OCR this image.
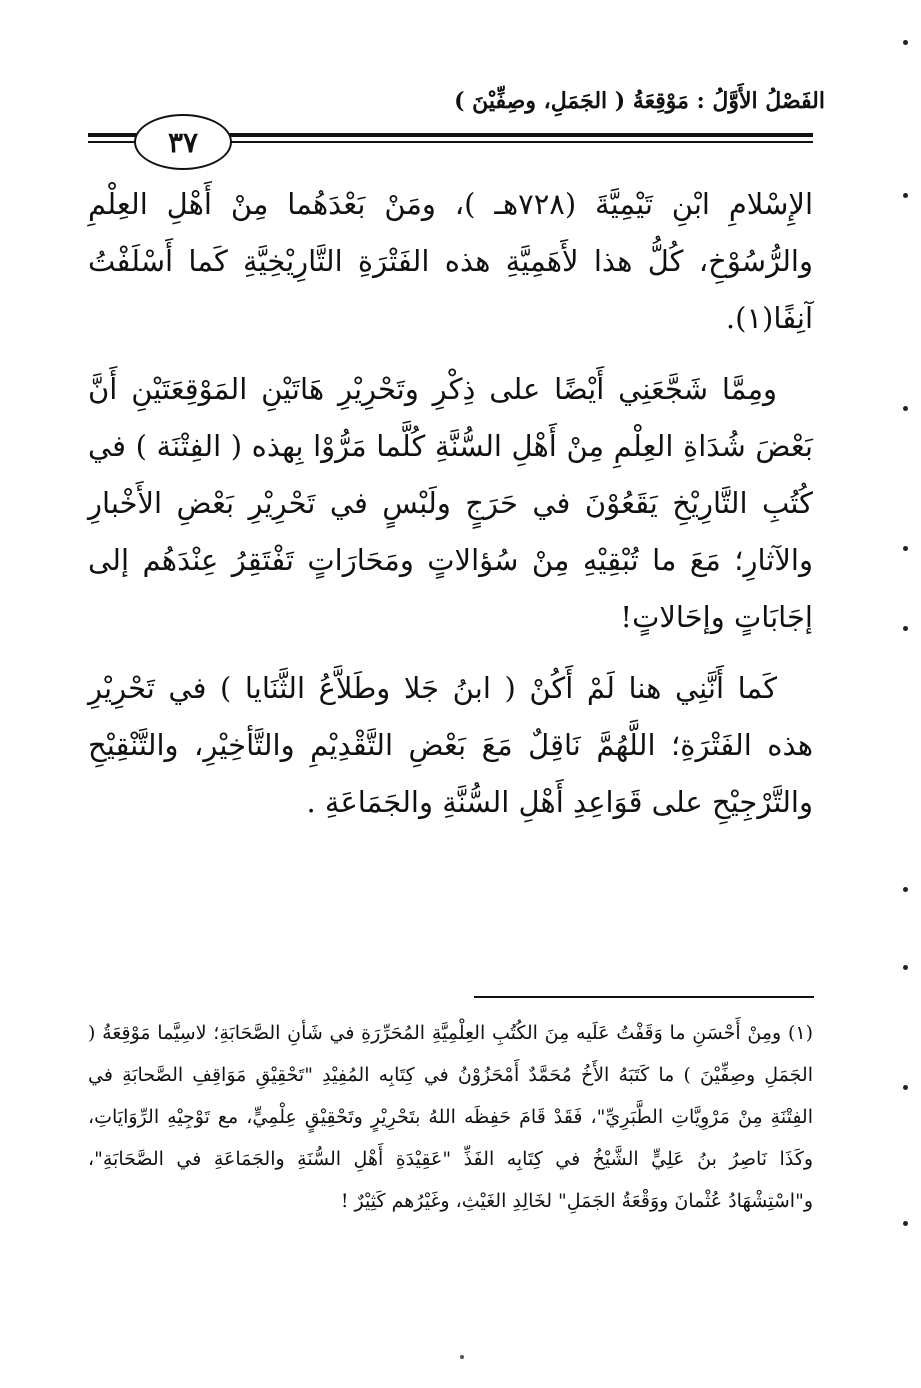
الفَصْلُ الأَوَّلُ : مَوْقِعَةُ ( الجَمَلِ، وصِفِّيْنَ )
٣٧

الإِسْلامِ ابْنِ تَيْمِيَّةَ (٧٢٨هـ )، ومَنْ بَعْدَهُما مِنْ أَهْلِ العِلْمِ والرُّسُوْخِ، كُلُّ هذا لأَهَمِيَّةِ هذه الفَتْرَةِ التَّارِيْخِيَّةِ كَما أَسْلَفْتُ آنِفًا(١).

ومِمَّا شَجَّعَنِي أَيْضًا على ذِكْرِ وتَحْرِيْرِ هَاتَيْنِ المَوْقِعَتَيْنِ أَنَّ بَعْضَ شُدَاةِ العِلْمِ مِنْ أَهْلِ السُّنَّةِ كُلَّما مَرُّوْا بِهذه ( الفِتْنَة ) في كُتُبِ التَّارِيْخِ يَقَعُوْنَ في حَرَجٍ ولَبْسٍ في تَحْرِيْرِ بَعْضِ الأَخْبارِ والآثارِ؛ مَعَ ما تُبْقِيْهِ مِنْ سُؤالاتٍ ومَحَارَاتٍ تَفْتَقِرُ عِنْدَهُم إلى إجَابَاتٍ وإحَالاتٍ!

كَما أَنَّنِي هنا لَمْ أَكُنْ ( ابنُ جَلا وطَلاَّعُ الثَّنَايا ) في تَحْرِيْرِ هذه الفَتْرَةِ؛ اللَّهُمَّ نَاقِلٌ مَعَ بَعْضِ التَّقْدِيْمِ والتَّأخِيْرِ، والتَّنْقِيْحِ والتَّرْجِيْحِ على قَوَاعِدِ أَهْلِ السُّنَّةِ والجَمَاعَةِ .

(١) ومِنْ أَحْسَنِ ما وَقَفْتُ عَلَيه مِنَ الكُتُبِ العِلْمِيَّةِ المُحَرِّرَةِ في شَأنِ الصَّحَابَةِ؛ لاسِيَّما مَوْقِعَةُ ( الجَمَلِ وصِفِّيْنَ ) ما كَتَبَهُ الأَخُ مُحَمَّدٌ أَمْحَزُوْنُ في كِتَابِه المُفِيْدِ "تَحْقِيْقِ مَوَاقِفِ الصَّحابَةِ في الفِتْنَةِ مِنْ مَرْوِيَّاتِ الطَّبَرِيِّ"، فَقَدْ قَامَ حَفِظَه اللهُ بتَحْرِيْرٍ وتَحْقِيْقٍ عِلْمِيٍّ، مع تَوْجِيْهِ الرِّوَايَاتِ، وكَذَا نَاصِرُ بنُ عَلِيٍّ الشَّيْخُ في كِتَابِه الفَذِّ "عَقِيْدَةِ أَهْلِ السُّنَةِ والجَمَاعَةِ في الصَّحَابَةِ"، و"اسْتِشْهَادُ عُثْمانَ ووَقْعَةُ الجَمَلِ" لخَالِدِ الغَيْثِ، وغَيْرُهم كَثِيْرٌ !
